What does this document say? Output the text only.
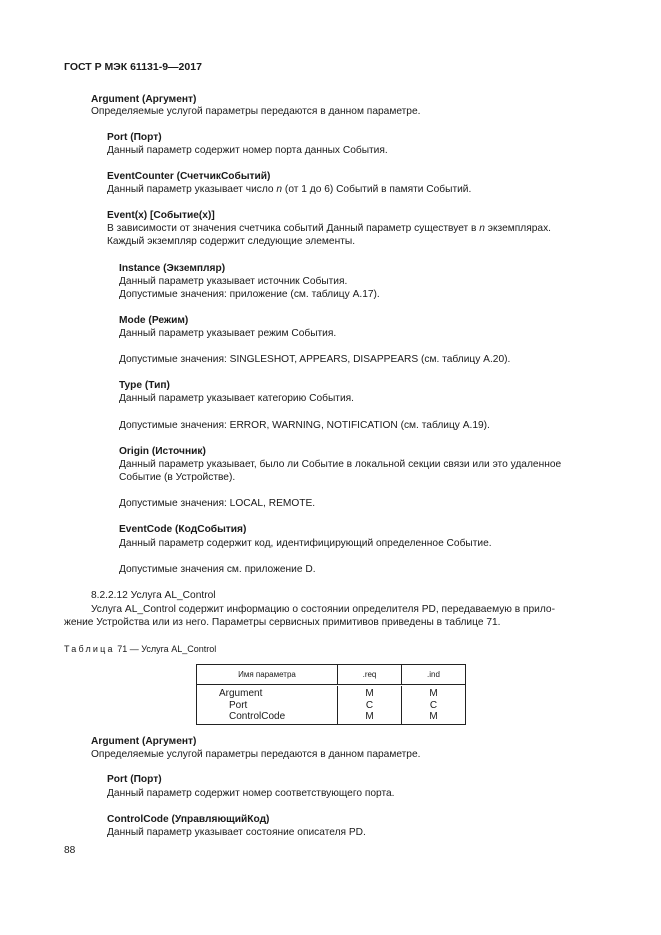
ГОСТ Р МЭК 61131-9—2017
Argument (Аргумент)
Определяемые услугой параметры передаются в данном параметре.
Port (Порт)
Данный параметр содержит номер порта данных События.
EventCounter (СчетчикСобытий)
Данный параметр указывает число n (от 1 до 6) Событий в памяти Событий.
Event(x) [Событие(x)]
В зависимости от значения счетчика событий Данный параметр существует в n экземплярах.
Каждый экземпляр содержит следующие элементы.
Instance (Экземпляр)
Данный параметр указывает источник События.
Допустимые значения: приложение (см. таблицу А.17).
Mode (Режим)
Данный параметр указывает режим События.
Допустимые значения: SINGLESHOT, APPEARS, DISAPPEARS (см. таблицу А.20).
Type (Тип)
Данный параметр указывает категорию События.
Допустимые значения: ERROR, WARNING, NOTIFICATION (см. таблицу А.19).
Origin (Источник)
Данный параметр указывает, было ли Событие в локальной секции связи или это удаленное
Событие (в Устройстве).
Допустимые значения: LOCAL, REMOTE.
EventCode (КодСобытия)
Данный параметр содержит код, идентифицирующий определенное Событие.
Допустимые значения см. приложение D.
8.2.2.12 Услуга AL_Control
Услуга AL_Control содержит информацию о состоянии определителя PD, передаваемую в прило-
жение Устройства или из него. Параметры сервисных примитивов приведены в таблице 71.
Argument (Аргумент)
Определяемые услугой параметры передаются в данном параметре.
Port (Порт)
Данный параметр содержит номер соответствующего порта.
ControlCode (УправляющийКод)
Данный параметр указывает состояние описателя PD.
Таблица 71 — Услуга AL_Control
Имя параметра	.req	.ind
Argument
Port
ControlCode
M
C
M
M
C
M
88
